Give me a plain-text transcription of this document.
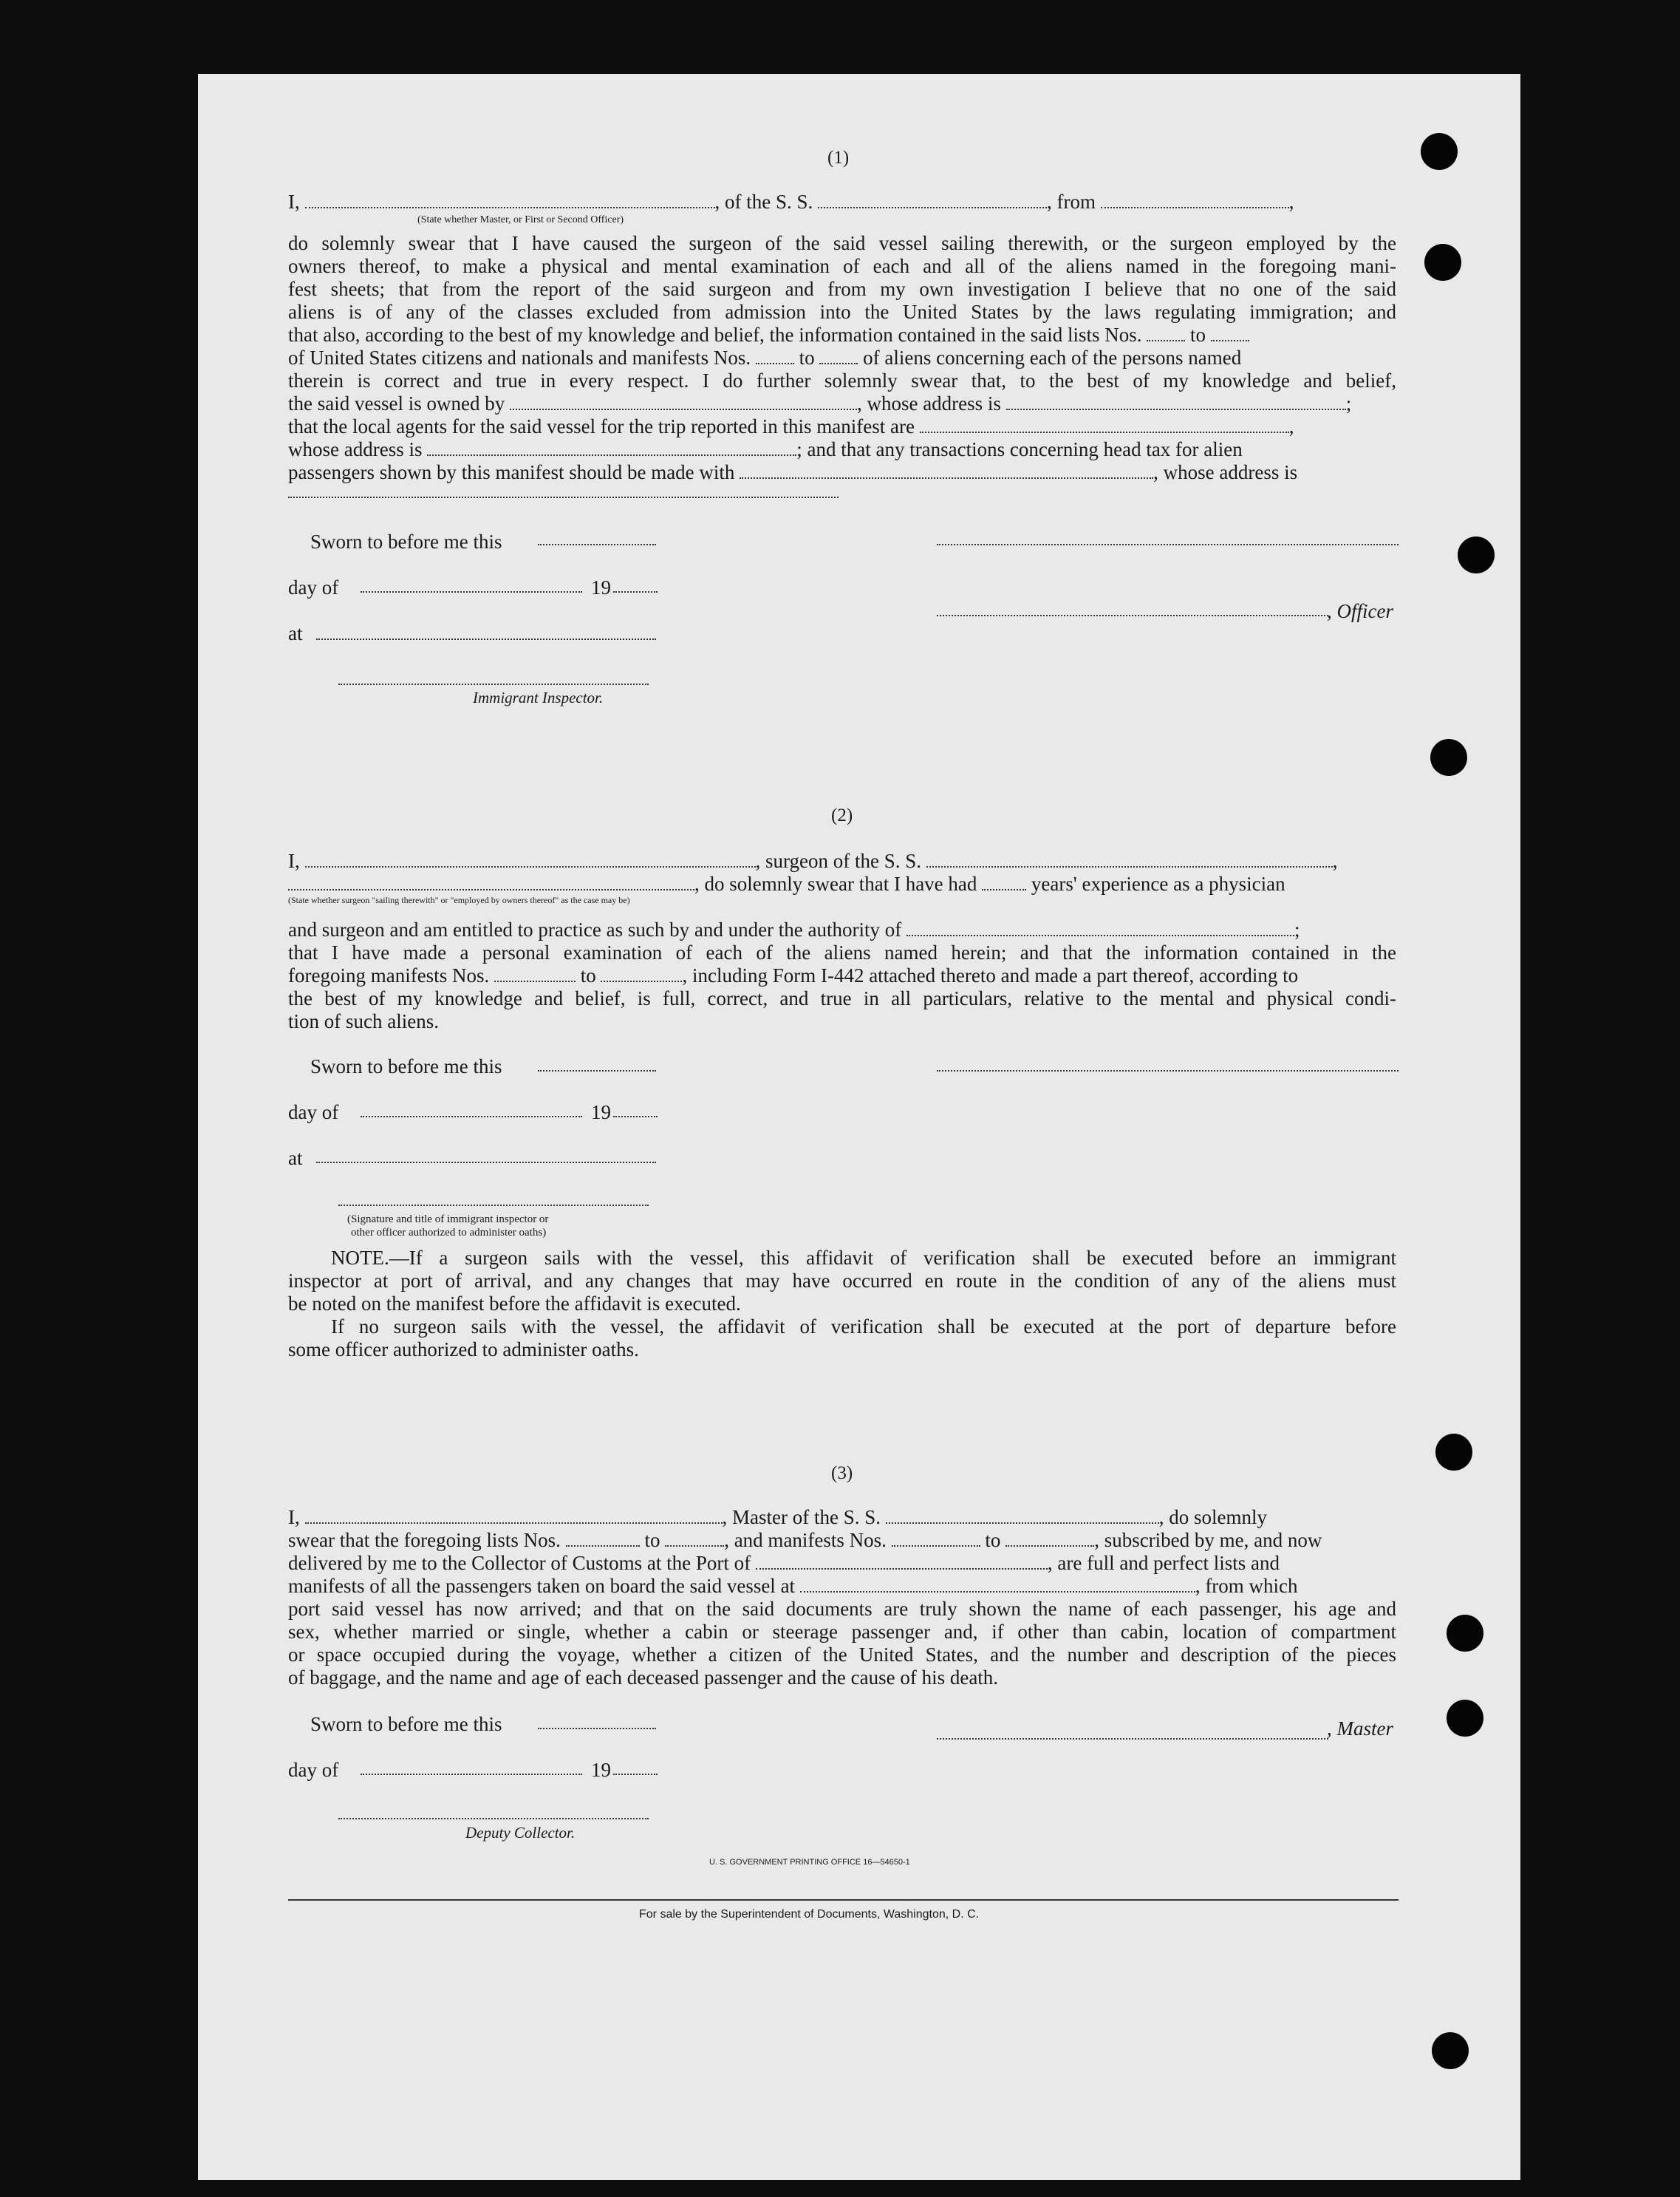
(1)
I,	, of the S. S.	, from	,
(State whether Master, or First or Second Officer)
do solemnly swear that I have caused the surgeon of the said vessel sailing therewith, or the surgeon employed by the
owners thereof, to make a physical and mental examination of each and all of the aliens named in the foregoing mani-
fest sheets; that from the report of the said surgeon and from my own investigation I believe that no one of the said
aliens is of any of the classes excluded from admission into the United States by the laws regulating immigration; and
that also, according to the best of my knowledge and belief, the information contained in the said lists Nos. to
of United States citizens and nationals and manifests Nos. to of aliens concerning each of the persons named
therein is correct and true in every respect. I do further solemnly swear that, to the best of my knowledge and belief,
the said vessel is owned by	, whose address is	;
that the local agents for the said vessel for the trip reported in this manifest are	,
whose address is	; and that any transactions concerning head tax for alien
passengers shown by this manifest should be made with	, whose address is
Sworn to before me this
day of	19
, Officer
at
Immigrant Inspector.
(2)
I,	, surgeon of the S. S.	,
, do solemnly swear that I have had	years' experience as a physician
(State whether surgeon "sailing therewith" or "employed by owners thereof" as the case may be)
and surgeon and am entitled to practice as such by and under the authority of	;
that I have made a personal examination of each of the aliens named herein; and that the information contained in the
foregoing manifests Nos.	to	, including Form I-442 attached thereto and made a part thereof, according to
the best of my knowledge and belief, is full, correct, and true in all particulars, relative to the mental and physical condi-
tion of such aliens.
Sworn to before me this
day of	19
at
(Signature and title of immigrant inspector or
other officer authorized to administer oaths)
NOTE.—If a surgeon sails with the vessel, this affidavit of verification shall be executed before an immigrant
inspector at port of arrival, and any changes that may have occurred en route in the condition of any of the aliens must
be noted on the manifest before the affidavit is executed.
If no surgeon sails with the vessel, the affidavit of verification shall be executed at the port of departure before
some officer authorized to administer oaths.
(3)
I,	, Master of the S. S.	, do solemnly
swear that the foregoing lists Nos.	to	, and manifests Nos.	to	, subscribed by me, and now
delivered by me to the Collector of Customs at the Port of	, are full and perfect lists and
manifests of all the passengers taken on board the said vessel at	, from which
port said vessel has now arrived; and that on the said documents are truly shown the name of each passenger, his age and
sex, whether married or single, whether a cabin or steerage passenger and, if other than cabin, location of compartment
or space occupied during the voyage, whether a citizen of the United States, and the number and description of the pieces
of baggage, and the name and age of each deceased passenger and the cause of his death.
Sworn to before me this	, Master
day of	19
Deputy Collector.
U. S. GOVERNMENT PRINTING OFFICE 16—54650-1
For sale by the Superintendent of Documents, Washington, D. C.
